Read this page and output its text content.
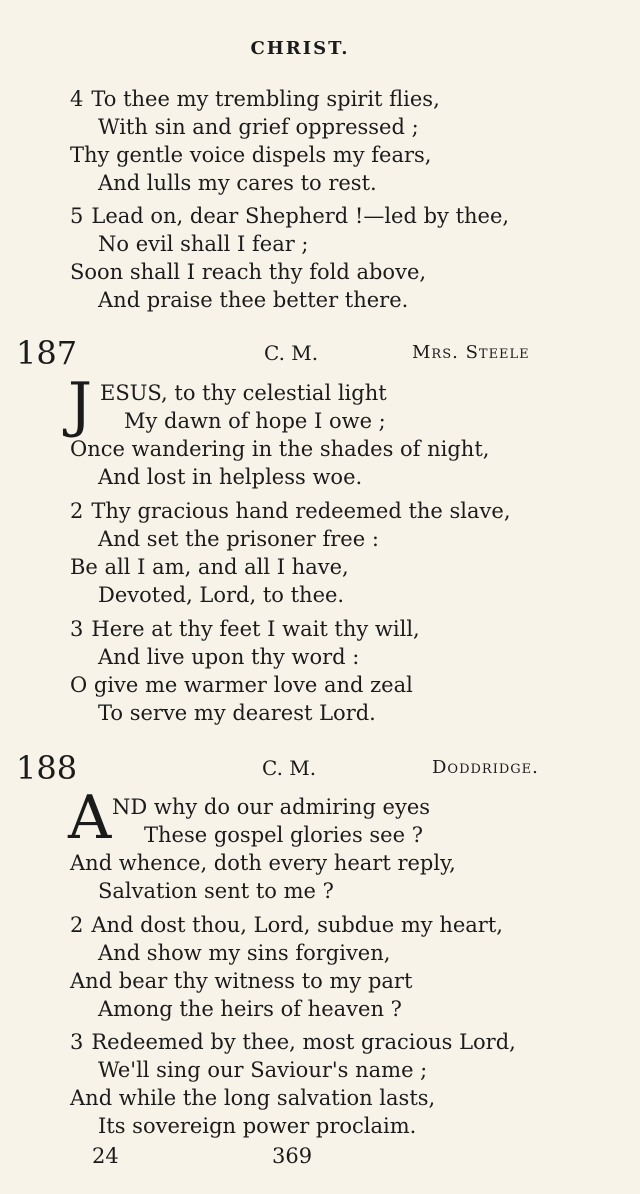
CHRIST.
4 To thee my trembling spirit flies,
With sin and grief oppressed ;
Thy gentle voice dispels my fears,
And lulls my cares to rest.
5 Lead on, dear Shepherd !—led by thee,
No evil shall I fear ;
Soon shall I reach thy fold above,
And praise thee better there.
187	C. M.	Mrs. Steele
J ESUS, to thy celestial light
My dawn of hope I owe ;
Once wandering in the shades of night,
And lost in helpless woe.
2 Thy gracious hand redeemed the slave,
And set the prisoner free :
Be all I am, and all I have,
Devoted, Lord, to thee.
3 Here at thy feet I wait thy will,
And live upon thy word :
O give me warmer love and zeal
To serve my dearest Lord.
188	C. M.	Doddridge.
A ND why do our admiring eyes
These gospel glories see ?
And whence, doth every heart reply,
Salvation sent to me ?
2 And dost thou, Lord, subdue my heart,
And show my sins forgiven,
And bear thy witness to my part
Among the heirs of heaven ?
3 Redeemed by thee, most gracious Lord,
We'll sing our Saviour's name ;
And while the long salvation lasts,
Its sovereign power proclaim.
24	369
